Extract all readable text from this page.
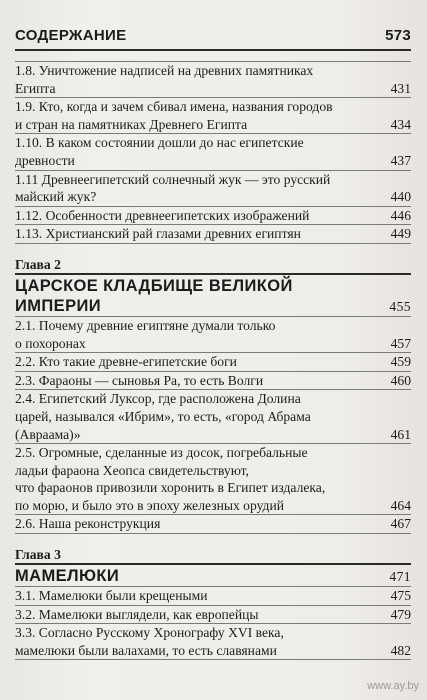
СОДЕРЖАНИЕ	573
1.8. Уничтожение надписей на древних памятниках
Египта	431
1.9. Кто, когда и зачем сбивал имена, названия городов
и стран на памятниках Древнего Египта	434
1.10. В каком состоянии дошли до нас египетские
древности	437
1.11 Древнеегипетский солнечный жук — это русский
майский жук?	440
1.12. Особенности древнеегипетских изображений	446
1.13. Христианский рай глазами древних египтян	449
Глава 2
ЦАРСКОЕ КЛАДБИЩЕ ВЕЛИКОЙ
ИМПЕРИИ	455
2.1. Почему древние египтяне думали только
о похоронах	457
2.2. Кто такие древне-египетские боги	459
2.3. Фараоны — сыновья Ра, то есть Волги	460
2.4. Египетский Луксор, где расположена Долина
царей, назывался «Ибрим», то есть, «город Абрама
(Авраама)»	461
2.5. Огромные, сделанные из досок, погребальные
ладьи фараона Хеопса свидетельствуют,
что фараонов привозили хоронить в Египет издалека,
по морю, и было это в эпоху железных орудий	464
2.6. Наша реконструкция	467
Глава 3
МАМЕЛЮКИ	471
3.1. Мамелюки были крещеными	475
3.2. Мамелюки выглядели, как европейцы	479
3.3. Согласно Русскому Хронографу XVI века,
мамелюки были валахами, то есть славянами	482
www.ay.by
